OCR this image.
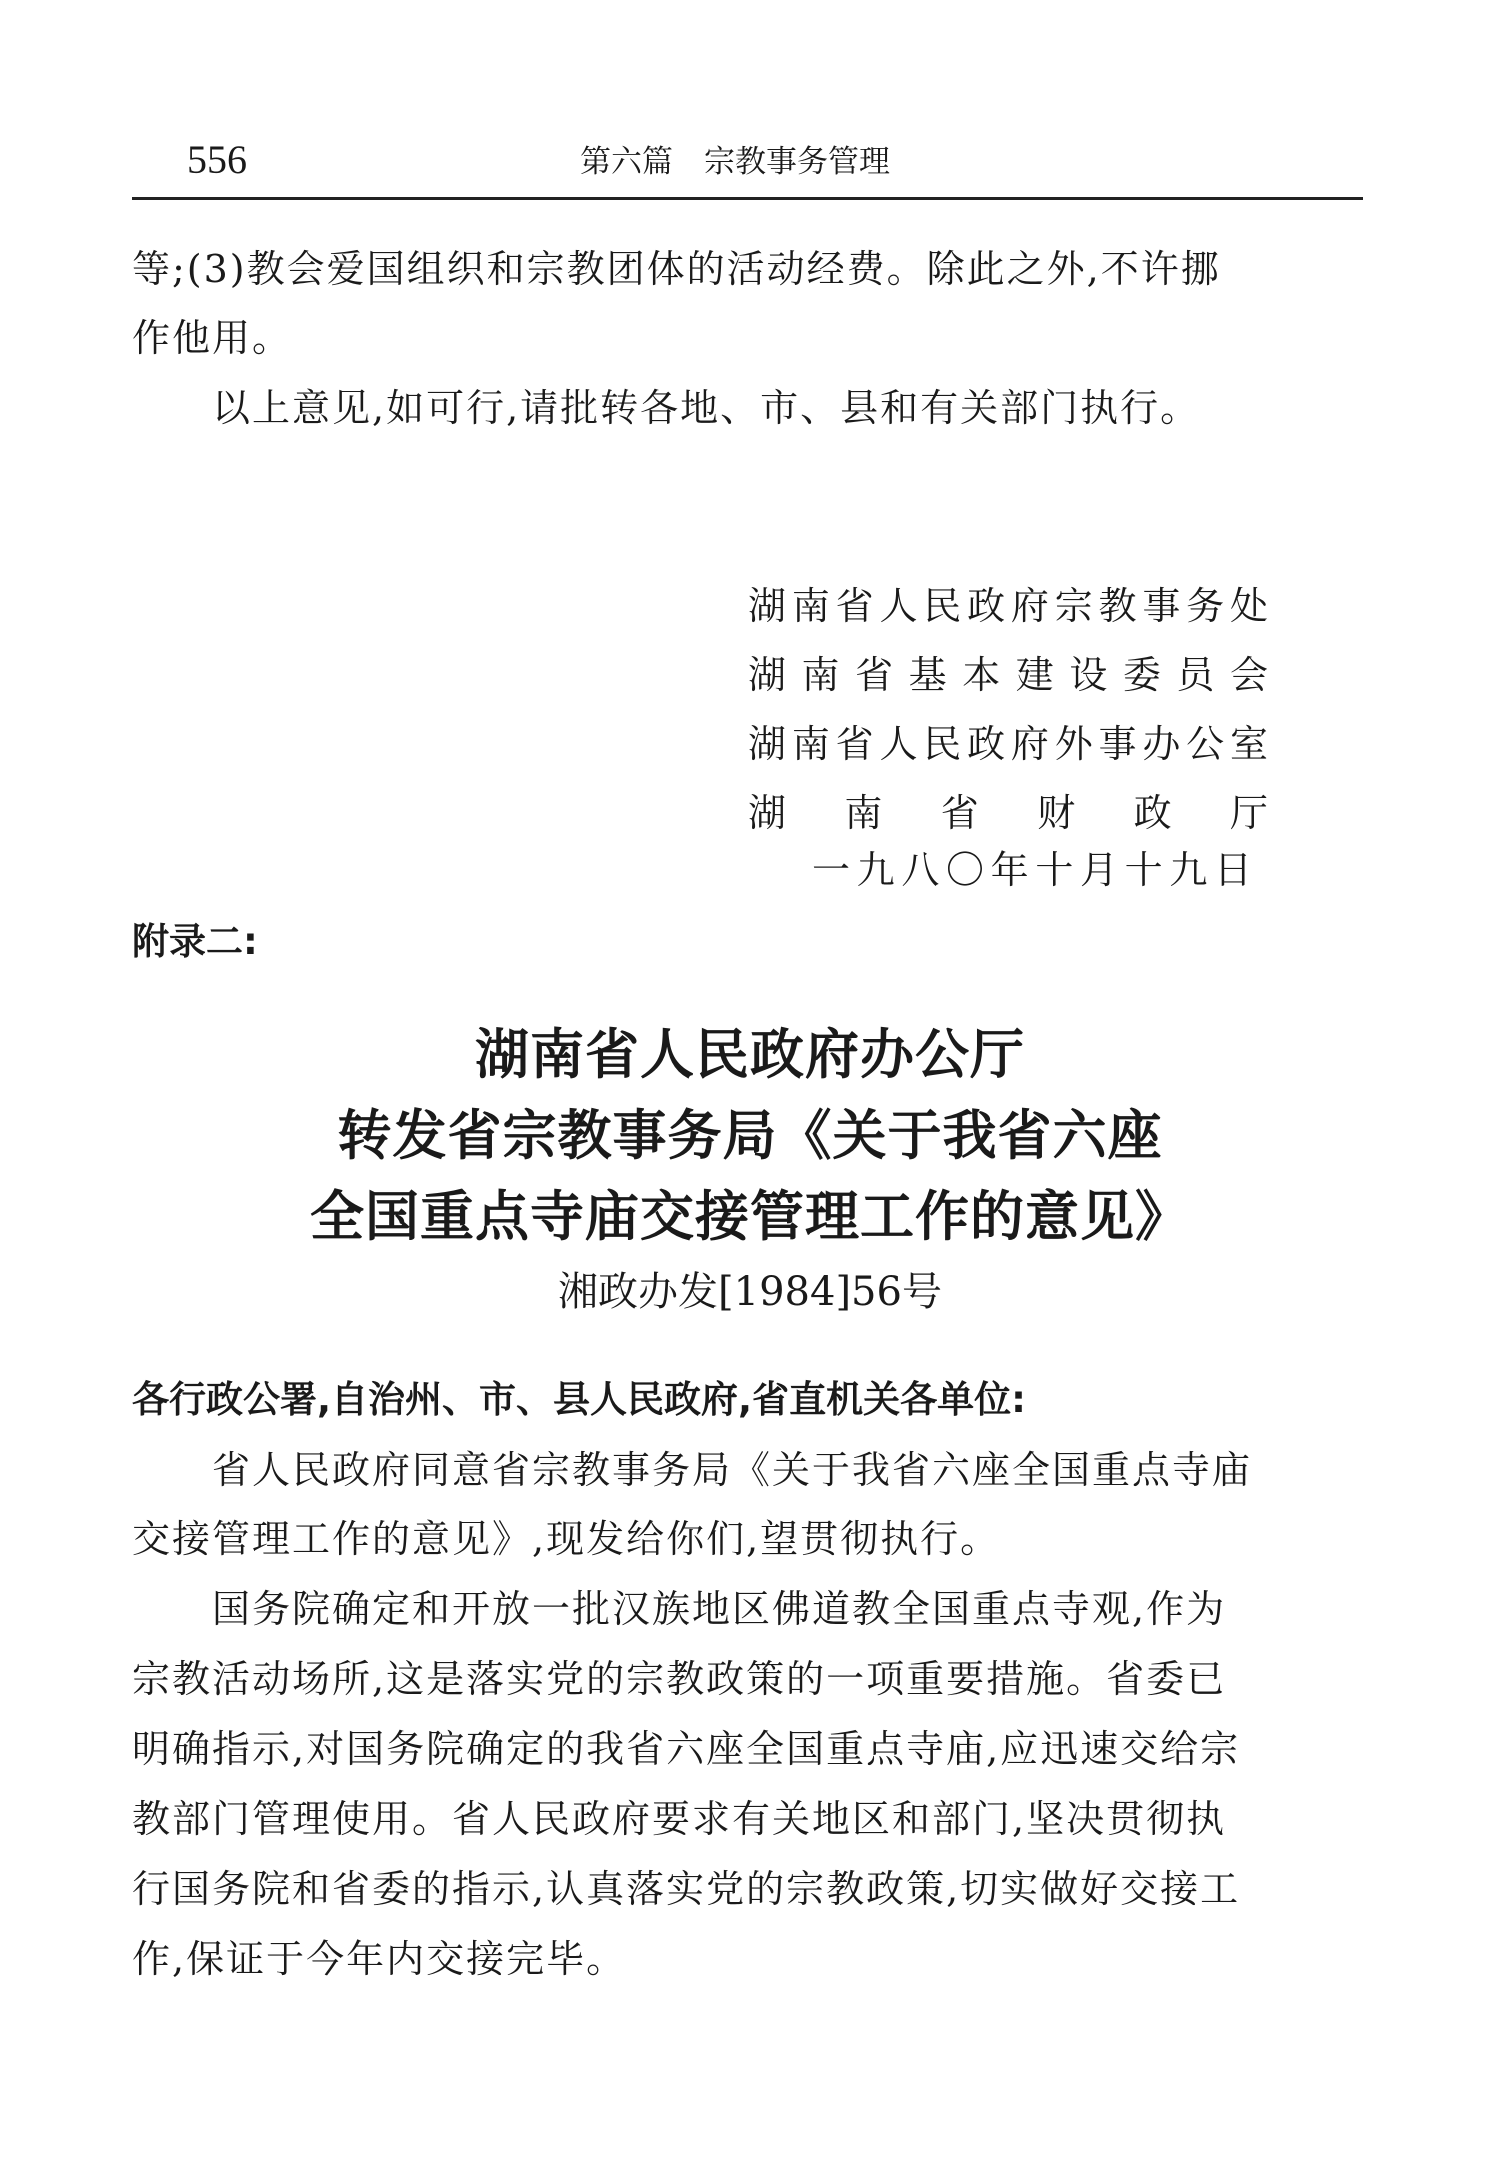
556	第六篇　宗教事务管理
等;(3)教会爱国组织和宗教团体的活动经费。除此之外,不许挪
作他用。
以上意见,如可行,请批转各地、市、县和有关部门执行。
湖南省人民政府宗教事务处
湖南省基本建设委员会
湖南省人民政府外事办公室
湖南省财政厅
一九八〇年十月十九日
附录二:
湖南省人民政府办公厅
转发省宗教事务局《关于我省六座
全国重点寺庙交接管理工作的意见》
湘政办发[1984]56号
各行政公署,自治州、市、县人民政府,省直机关各单位:
省人民政府同意省宗教事务局《关于我省六座全国重点寺庙
交接管理工作的意见》,现发给你们,望贯彻执行。
国务院确定和开放一批汉族地区佛道教全国重点寺观,作为
宗教活动场所,这是落实党的宗教政策的一项重要措施。省委已
明确指示,对国务院确定的我省六座全国重点寺庙,应迅速交给宗
教部门管理使用。省人民政府要求有关地区和部门,坚决贯彻执
行国务院和省委的指示,认真落实党的宗教政策,切实做好交接工
作,保证于今年内交接完毕。
